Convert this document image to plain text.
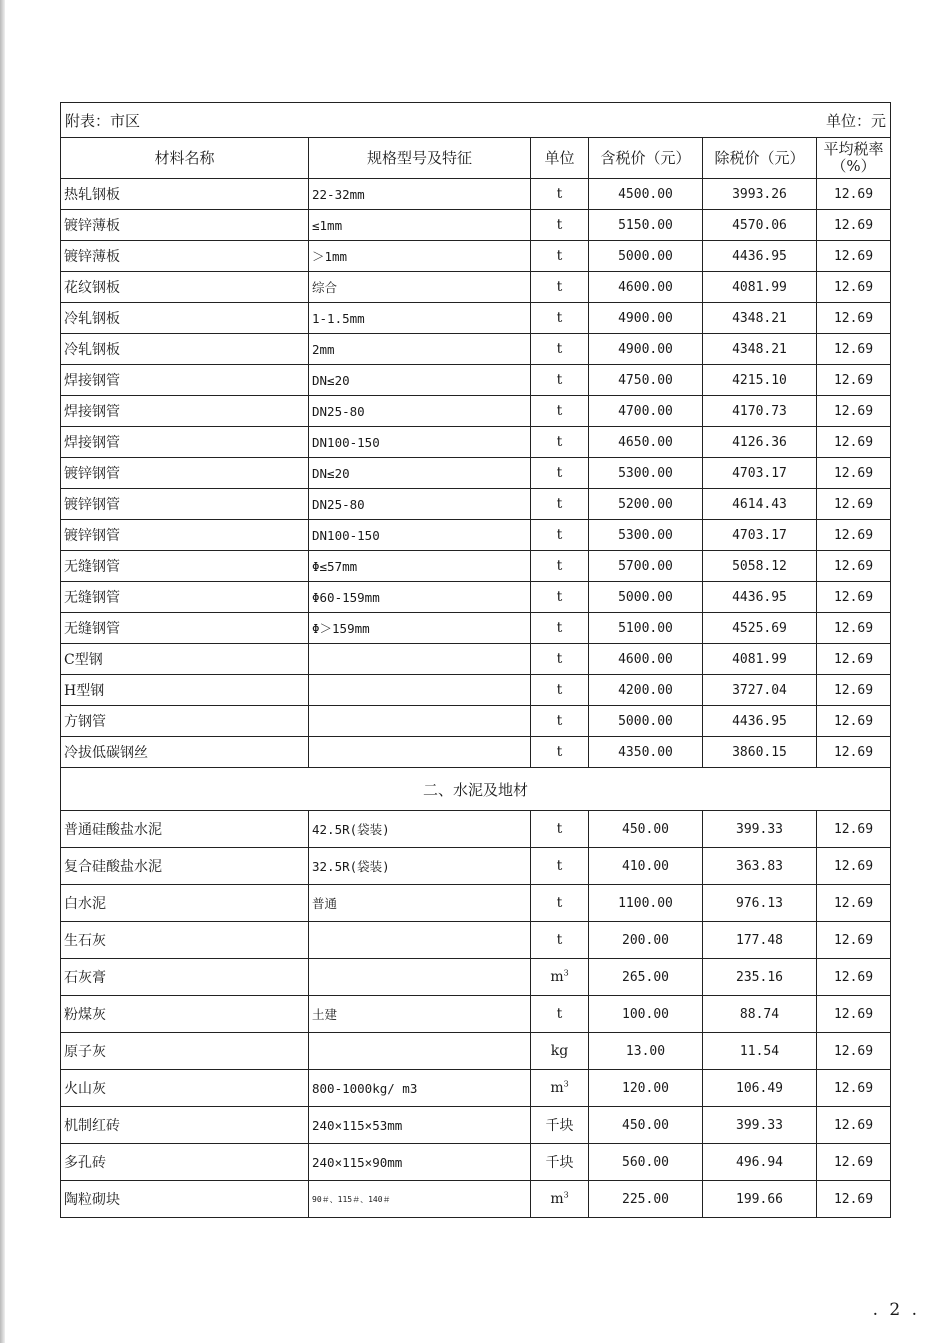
附表：市区 单位：元					

材料名称	规格型号及特征	单位	含税价（元）	除税价（元）	平均税率
（%）
热轧钢板	22-32mm	t	4500.00	3993.26	12.69
镀锌薄板	≤1mm	t	5150.00	4570.06	12.69
镀锌薄板	＞1mm	t	5000.00	4436.95	12.69
花纹钢板	综合	t	4600.00	4081.99	12.69
冷轧钢板	1-1.5mm	t	4900.00	4348.21	12.69
冷轧钢板	2mm	t	4900.00	4348.21	12.69
焊接钢管	DN≤20	t	4750.00	4215.10	12.69
焊接钢管	DN25-80	t	4700.00	4170.73	12.69
焊接钢管	DN100-150	t	4650.00	4126.36	12.69
镀锌钢管	DN≤20	t	5300.00	4703.17	12.69
镀锌钢管	DN25-80	t	5200.00	4614.43	12.69
镀锌钢管	DN100-150	t	5300.00	4703.17	12.69
无缝钢管	Φ≤57mm	t	5700.00	5058.12	12.69
无缝钢管	Φ60-159mm	t	5000.00	4436.95	12.69
无缝钢管	Φ＞159mm	t	5100.00	4525.69	12.69
C型钢		t	4600.00	4081.99	12.69
H型钢		t	4200.00	3727.04	12.69
方钢管		t	5000.00	4436.95	12.69
冷拔低碳钢丝		t	4350.00	3860.15	12.69
二、水泥及地材					
普通硅酸盐水泥	42.5R(袋装)	t	450.00	399.33	12.69
复合硅酸盐水泥	32.5R(袋装)	t	410.00	363.83	12.69
白水泥	普通	t	1100.00	976.13	12.69
生石灰		t	200.00	177.48	12.69
石灰膏		$m^3$	265.00	235.16	12.69
粉煤灰	土建	t	100.00	88.74	12.69
原子灰		kg	13.00	11.54	12.69
火山灰	800-1000kg/ m3	$m^3$	120.00	106.49	12.69
机制红砖	240×115×53mm	千块	450.00	399.33	12.69
多孔砖	240×115×90mm	千块	560.00	496.94	12.69
陶粒砌块	90＃、115＃、140＃	$m^3$	225.00	199.66	12.69
. 2 .
